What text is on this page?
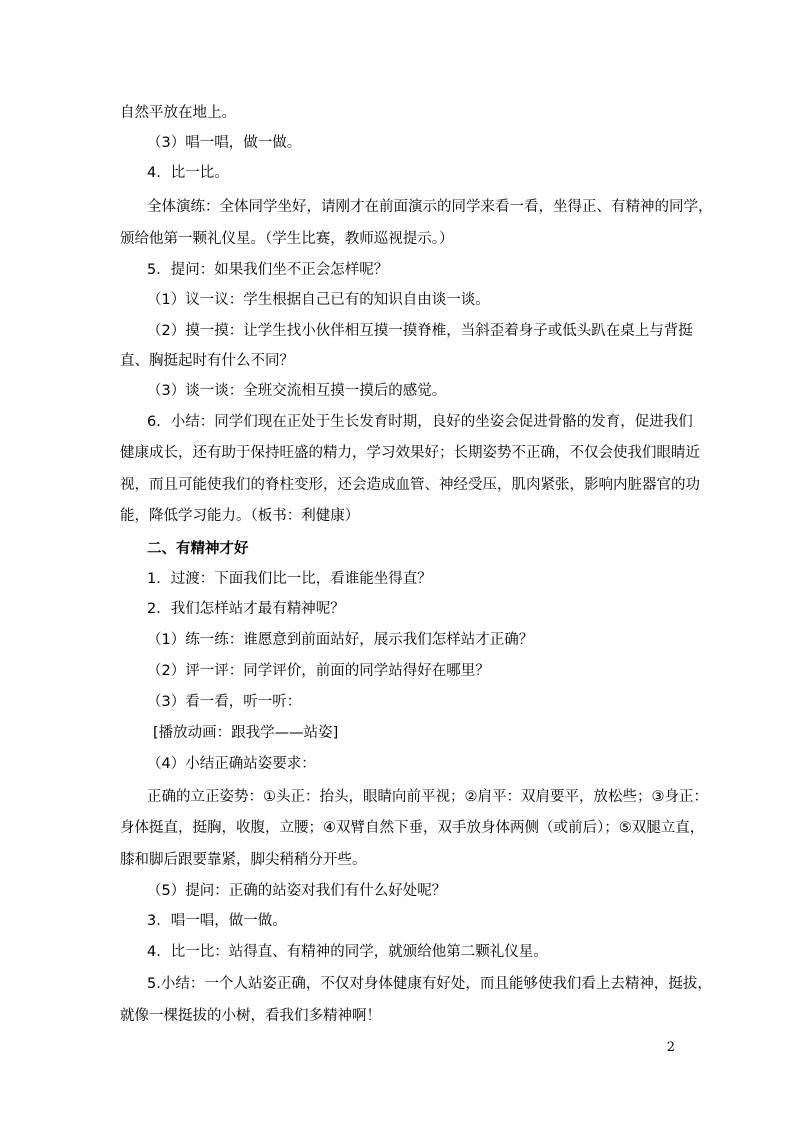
自然平放在地上。
（3）唱一唱，做一做。
4．比一比。
全体演练：全体同学坐好，请刚才在前面演示的同学来看一看，坐得正、有精神的同学，
颁给他第一颗礼仪星。（学生比赛，教师巡视提示。）
5．提问：如果我们坐不正会怎样呢？
（1）议一议：学生根据自己已有的知识自由谈一谈。
（2）摸一摸：让学生找小伙伴相互摸一摸脊椎，当斜歪着身子或低头趴在桌上与背挺
直、胸挺起时有什么不同？
（3）谈一谈：全班交流相互摸一摸后的感觉。
6．小结：同学们现在正处于生长发育时期，良好的坐姿会促进骨骼的发育，促进我们
健康成长，还有助于保持旺盛的精力，学习效果好；长期姿势不正确，不仅会使我们眼睛近
视，而且可能使我们的脊柱变形，还会造成血管、神经受压，肌肉紧张，影响内脏器官的功
能，降低学习能力。（板书：利健康）
二、有精神才好
1．过渡：下面我们比一比，看谁能坐得直？
2．我们怎样站才最有精神呢？
（1）练一练：谁愿意到前面站好，展示我们怎样站才正确？
（2）评一评：同学评价，前面的同学站得好在哪里？
（3）看一看，听一听：
[播放动画：跟我学——站姿]
（4）小结正确站姿要求：
正确的立正姿势：①头正：抬头，眼睛向前平视；②肩平：双肩要平，放松些；③身正：
身体挺直，挺胸，收腹，立腰；④双臂自然下垂，双手放身体两侧（或前后）；⑤双腿立直，
膝和脚后跟要靠紧，脚尖稍稍分开些。
（5）提问：正确的站姿对我们有什么好处呢？
3．唱一唱，做一做。
4．比一比：站得直、有精神的同学，就颁给他第二颗礼仪星。
5.小结：一个人站姿正确，不仅对身体健康有好处，而且能够使我们看上去精神，挺拔，
就像一棵挺拔的小树，看我们多精神啊！
2
